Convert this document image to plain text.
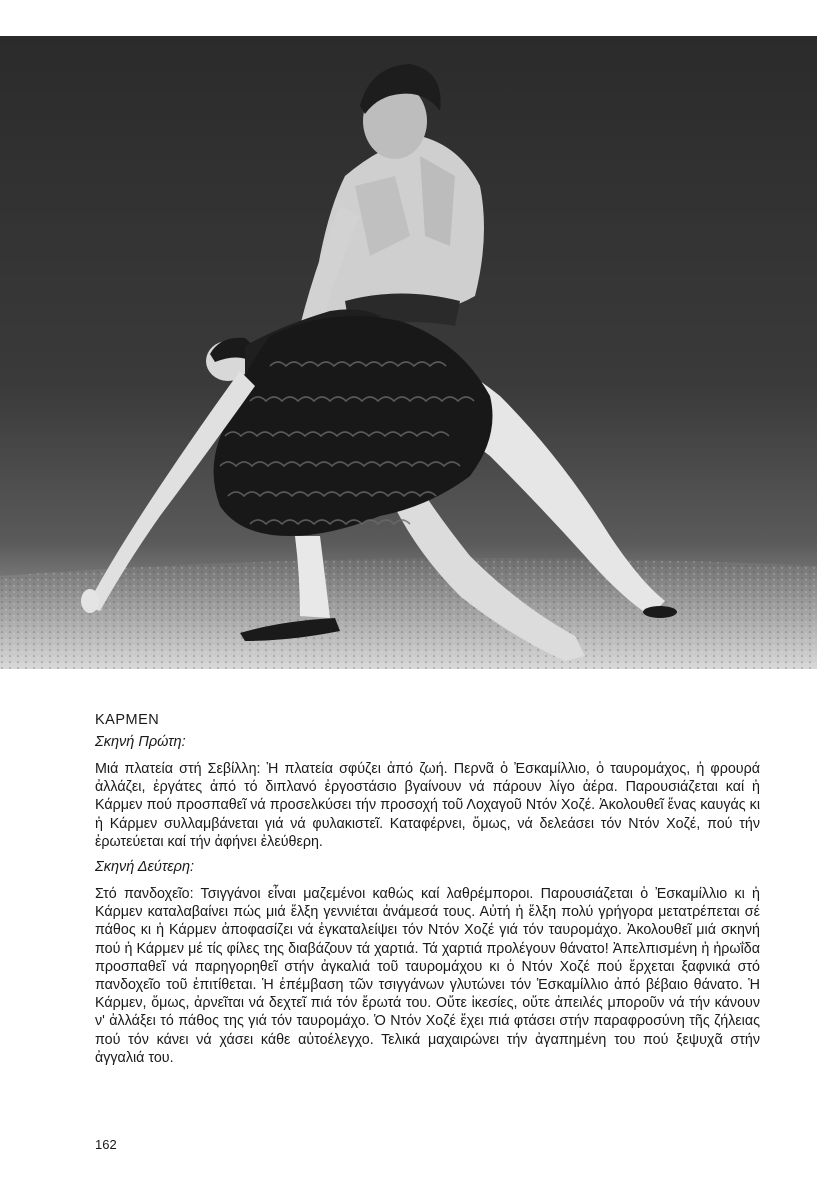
ΚΑΡΜΕΝ
Σκηνή Πρώτη:

Μιά πλατεία στή Σεβίλλη: Ἡ πλατεία σφύζει ἀπό ζωή. Περνᾶ ὁ Ἐσκαμίλλιο, ὁ ταυρομάχος, ἡ φρουρά ἀλλάζει, ἐργάτες ἀπό τό διπλανό ἐργοστάσιο βγαίνουν νά πάρουν λίγο ἀέρα. Παρουσιάζεται καί ἡ Κάρμεν πού προσπαθεῖ νά προσελκύσει τήν προσοχή τοῦ Λοχαγοῦ Ντόν Χοζέ. Ἀκολουθεῖ ἕνας καυγάς κι ἡ Κάρμεν συλλαμβάνεται γιά νά φυλακιστεῖ. Καταφέρνει, ὅμως, νά δελεάσει τόν Ντόν Χοζέ, πού τήν ἐρωτεύεται καί τήν ἀφήνει ἐλεύθερη.

Σκηνή Δεύτερη:

Στό πανδοχεῖο: Τσιγγάνοι εἶναι μαζεμένοι καθώς καί λαθρέμποροι. Παρουσιάζεται ὁ Ἐσκαμίλλιο κι ἡ Κάρμεν καταλαβαίνει πώς μιά ἕλξη γεννιέται ἀνάμεσά τους. Αὐτή ἡ ἕλξη πολύ γρήγορα μετατρέπεται σέ πάθος κι ἡ Κάρμεν ἀποφασίζει νά ἐγκαταλείψει τόν Ντόν Χοζέ γιά τόν ταυρομάχο. Ἀκολουθεῖ μιά σκηνή πού ἡ Κάρμεν μέ τίς φίλες της διαβάζουν τά χαρτιά. Τά χαρτιά προλέγουν θάνατο! Ἀπελπισμένη ἡ ἡρωΐδα προσπαθεῖ νά παρηγορηθεῖ στήν ἀγκαλιά τοῦ ταυρομάχου κι ὁ Ντόν Χοζέ πού ἔρχεται ξαφνικά στό πανδοχεῖο τοῦ ἐπιτίθεται. Ἡ ἐπέμβαση τῶν τσιγγάνων γλυτώνει τόν Ἐσκαμίλλιο ἀπό βέβαιο θάνατο. Ἡ Κάρμεν, ὅμως, ἀρνεῖται νά δεχτεῖ πιά τόν ἔρωτά του. Οὔτε ἱκεσίες, οὔτε ἀπειλές μποροῦν νά τήν κάνουν ν' ἀλλάξει τό πάθος της γιά τόν ταυρομάχο. Ὁ Ντόν Χοζέ ἔχει πιά φτάσει στήν παραφροσύνη τῆς ζήλειας πού τόν κάνει νά χάσει κάθε αὐτοέλεγχο. Τελικά μαχαιρώνει τήν ἀγαπημένη του πού ξεψυχᾶ στήν ἀγγαλιά του.

162
